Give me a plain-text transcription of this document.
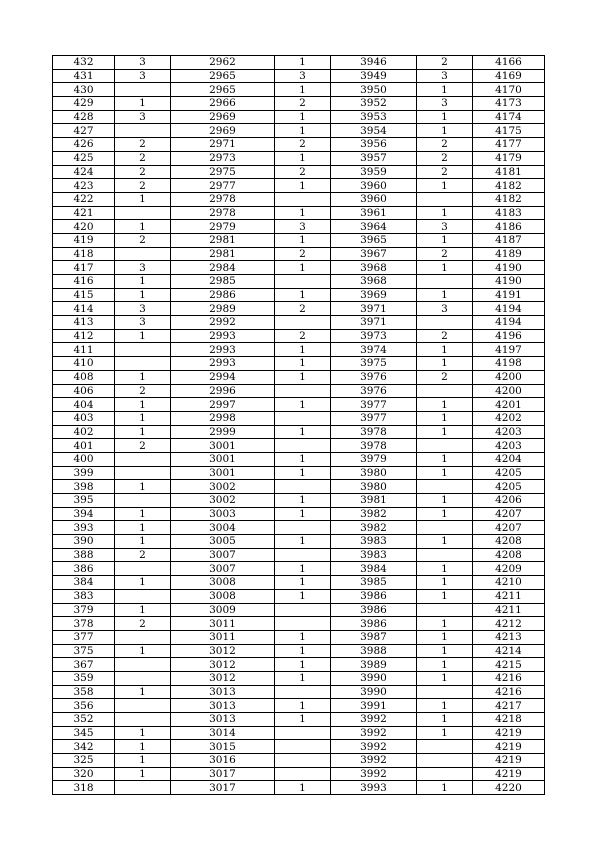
432	3	2962	1	3946	2	4166
431	3	2965	3	3949	3	4169
430		2965	1	3950	1	4170
429	1	2966	2	3952	3	4173
428	3	2969	1	3953	1	4174
427		2969	1	3954	1	4175
426	2	2971	2	3956	2	4177
425	2	2973	1	3957	2	4179
424	2	2975	2	3959	2	4181
423	2	2977	1	3960	1	4182
422	1	2978		3960		4182
421		2978	1	3961	1	4183
420	1	2979	3	3964	3	4186
419	2	2981	1	3965	1	4187
418		2981	2	3967	2	4189
417	3	2984	1	3968	1	4190
416	1	2985		3968		4190
415	1	2986	1	3969	1	4191
414	3	2989	2	3971	3	4194
413	3	2992		3971		4194
412	1	2993	2	3973	2	4196
411		2993	1	3974	1	4197
410		2993	1	3975	1	4198
408	1	2994	1	3976	2	4200
406	2	2996		3976		4200
404	1	2997	1	3977	1	4201
403	1	2998		3977	1	4202
402	1	2999	1	3978	1	4203
401	2	3001		3978		4203
400		3001	1	3979	1	4204
399		3001	1	3980	1	4205
398	1	3002		3980		4205
395		3002	1	3981	1	4206
394	1	3003	1	3982	1	4207
393	1	3004		3982		4207
390	1	3005	1	3983	1	4208
388	2	3007		3983		4208
386		3007	1	3984	1	4209
384	1	3008	1	3985	1	4210
383		3008	1	3986	1	4211
379	1	3009		3986		4211
378	2	3011		3986	1	4212
377		3011	1	3987	1	4213
375	1	3012	1	3988	1	4214
367		3012	1	3989	1	4215
359		3012	1	3990	1	4216
358	1	3013		3990		4216
356		3013	1	3991	1	4217
352		3013	1	3992	1	4218
345	1	3014		3992	1	4219
342	1	3015		3992		4219
325	1	3016		3992		4219
320	1	3017		3992		4219
318		3017	1	3993	1	4220
